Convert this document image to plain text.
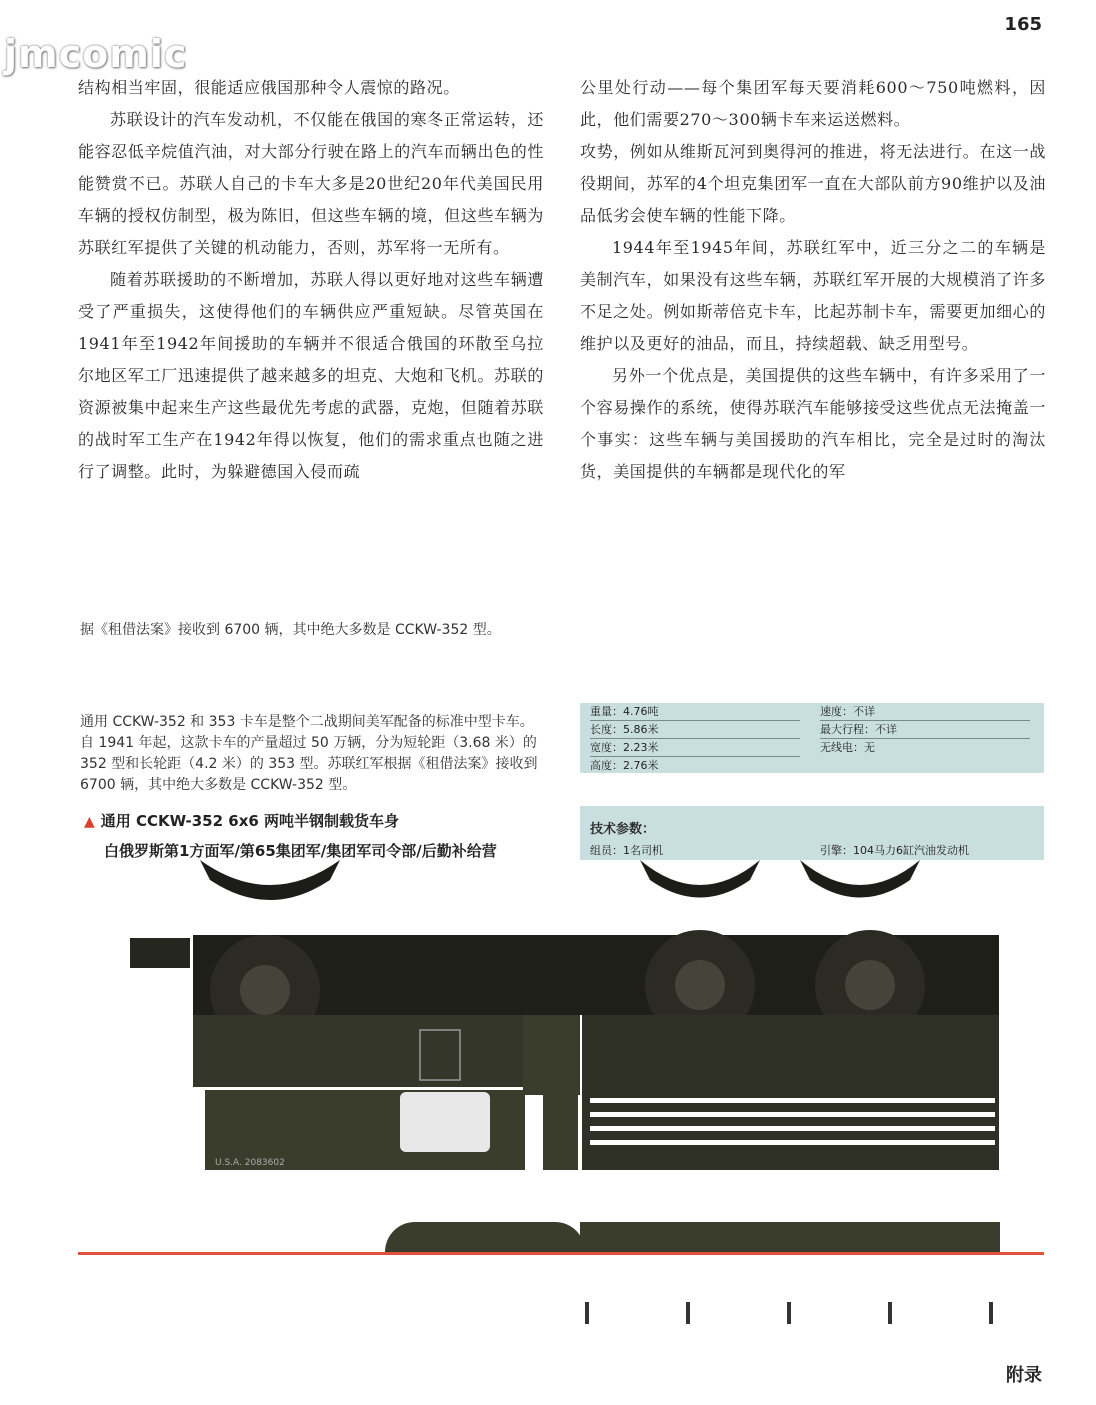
jmcomic
165

结构相当牢固，很能适应俄国那种令人震惊的路况。

苏联设计的汽车发动机，不仅能在俄国的寒冬正常运转，还能容忍低辛烷值汽油，对大部分行驶在路上的汽车而辆出色的性能赞赏不已。苏联人自己的卡车大多是20世纪20年代美国民用车辆的授权仿制型，极为陈旧，但这些车辆的境，但这些车辆为苏联红军提供了关键的机动能力，否则，苏军将一无所有。

随着苏联援助的不断增加，苏联人得以更好地对这些车辆遭受了严重损失，这使得他们的车辆供应严重短缺。尽管英国在1941年至1942年间援助的车辆并不很适合俄国的环散至乌拉尔地区军工厂迅速提供了越来越多的坦克、大炮和飞机。苏联的资源被集中起来生产这些最优先考虑的武器，克炮，但随着苏联的战时军工生产在1942年得以恢复，他们的需求重点也随之进行了调整。此时，为躲避德国入侵而疏

公里处行动——每个集团军每天要消耗600～750吨燃料，因此，他们需要270～300辆卡车来运送燃料。

攻势，例如从维斯瓦河到奥得河的推进，将无法进行。在这一战役期间，苏军的4个坦克集团军一直在大部队前方90维护以及油品低劣会使车辆的性能下降。

1944年至1945年间，苏联红军中，近三分之二的车辆是美制汽车，如果没有这些车辆，苏联红军开展的大规模消了许多不足之处。例如斯蒂倍克卡车，比起苏制卡车，需要更加细心的维护以及更好的油品，而且，持续超载、缺乏用型号。

另外一个优点是，美国提供的这些车辆中，有许多采用了一个容易操作的系统，使得苏联汽车能够接受这些优点无法掩盖一个事实：这些车辆与美国援助的汽车相比，完全是过时的淘汰货，美国提供的车辆都是现代化的军

据《租借法案》接收到 6700 辆，其中绝大多数是 CCKW-352 型。
通用 CCKW-352 和 353 卡车是整个二战期间美军配备的标准中型卡车。自 1941 年起，这款卡车的产量超过 50 万辆，分为短轮距（3.68 米）的 352 型和长轮距（4.2 米）的 353 型。苏联红军根据《租借法案》接收到 6700 辆，其中绝大多数是 CCKW-352 型。
重量：4.76吨
长度：5.86米
宽度：2.23米
高度：2.76米
速度：不详
最大行程：不详
无线电：无
▲ 通用 CCKW-352 6x6 两吨半钢制载货车身
白俄罗斯第1方面军/第65集团军/集团军司令部/后勤补给营
技术参数：
组员：1名司机	引擎：104马力6缸汽油发动机
U.S.A. 2083602
附录
